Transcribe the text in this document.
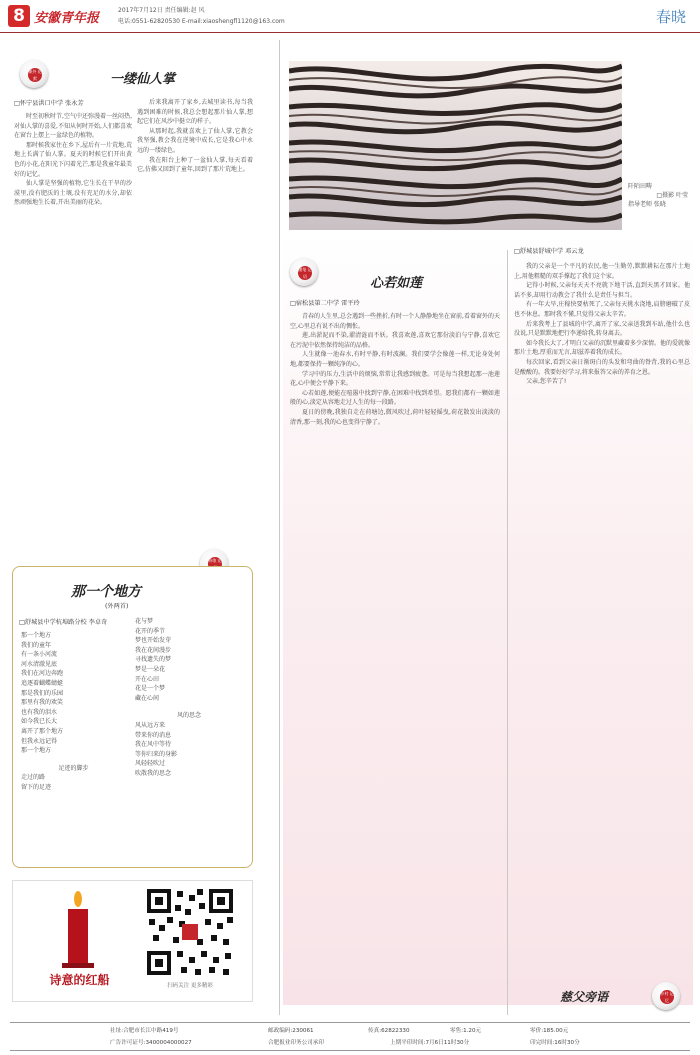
8 安徽青年报
2017年7月12日 责任编辑:赵 风
电话:0551-62820530 E-mail:xiaoshengfl1120@163.com	春晓
课外 花絮	一缕仙人掌
□怀宁县洪口中学 张永芳

时至初秋时节,空气中还弥漫着一丝闷热,对仙人掌的喜爱,不知从何时开始,人们都喜欢在窗台上摆上一盆绿色的植物。

那时候我家住在乡下,屋后有一片荒地,荒地上长满了仙人掌。夏天的时候它们开出黄色的小花,在阳光下闪着光芒,那是我童年最美好的记忆。

仙人掌是坚强的植物,它生长在干旱的沙漠里,没有肥沃的土壤,没有充足的水分,却依然顽强地生长着,开出美丽的花朵。

后来我离开了家乡,去城里读书,每当我遇到困难的时候,我总会想起那片仙人掌,想起它们在风沙中挺立的样子。

从那时起,我就喜欢上了仙人掌,它教会我坚强,教会我在逆境中成长,它是我心中永远的一缕绿色。

我在阳台上种了一盆仙人掌,每天看着它,仿佛又回到了童年,回到了那片荒地上。

诗歌 花
那一个地方
(外两首)
□舒城县中学杭埠路分校 李卓奇
那一个地方
我们的童年
有一条小河流
河水清澈见底
我们在河边奔跑
追逐着蝴蝶蜻蜓
那是我们的乐园
那里有我的欢笑
也有我的泪水
如今我已长大
离开了那个地方
但我永远记得
那一个地方
足迹的脚步
走过的路
留下的足迹
花与梦
花开的季节
梦也开始发芽
我在花间漫步
寻找遗失的梦
梦是一朵花
开在心田
花是一个梦
藏在心间
风的思念
风从远方来
带来你的消息
我在风中等待
等你归来的身影
风轻轻吹过
吹散我的思念
诗意的红船	扫码关注 更多精彩
阡陌田畴
□摄影 叶莹
指导老师 张晓
随笔 记语	心若如莲
□宿松县第二中学 雷平玲

青春的人生里,总会遇到一些挫折,有时一个人静静地坐在窗前,看着窗外的天空,心里总有说不出的惆怅。

莲,出淤泥而不染,濯清涟而不妖。我喜欢莲,喜欢它那份淡泊与宁静,喜欢它在污泥中依然保持纯洁的品格。

人生就像一池春水,有时平静,有时波澜。我们要学会像莲一样,无论身处何地,都要保持一颗纯净的心。

学习中的压力,生活中的烦恼,常常让我感到疲惫。可是每当我想起那一池莲花,心中便会平静下来。

心若如莲,便能在喧嚣中找到宁静,在困难中找到希望。愿我们都有一颗如莲般的心,淡定从容地走过人生的每一段路。

夏日的傍晚,我独自走在荷塘边,微风吹过,荷叶轻轻摇曳,荷花散发出淡淡的清香,那一刻,我的心也变得宁静了。

□舒城县舒城中学 邓云龙

我的父亲是一个平凡的农民,他一生勤劳,默默耕耘在那片土地上,用他粗糙的双手撑起了我们这个家。

记得小时候,父亲每天天不亮就下地干活,直到天黑才回家。他话不多,却用行动教会了我什么是责任与担当。

有一年大旱,庄稼快要枯死了,父亲每天挑水浇地,肩膀磨破了皮也不休息。那时我不懂,只觉得父亲太辛苦。

后来我考上了县城的中学,离开了家,父亲送我到车站,他什么也没说,只是默默地把行李递给我,转身离去。

如今我长大了,才明白父亲的沉默里藏着多少深情。他的爱就像那片土地,厚重而无言,却滋养着我的成长。

每次回家,看到父亲日渐斑白的头发和弯曲的脊背,我的心里总是酸酸的。我要好好学习,将来报答父亲的养育之恩。

父亲,您辛苦了!

慈父旁语	乡村 记忆
社址:合肥市长江中路419号	邮政编码:230061	传真:62822330	零售:1.20元	零价:185.00元
广告许可证号:3400004000027	合肥报业印务公司承印	上期平印时间:7月6日11时30分	印完时间:16时30分
